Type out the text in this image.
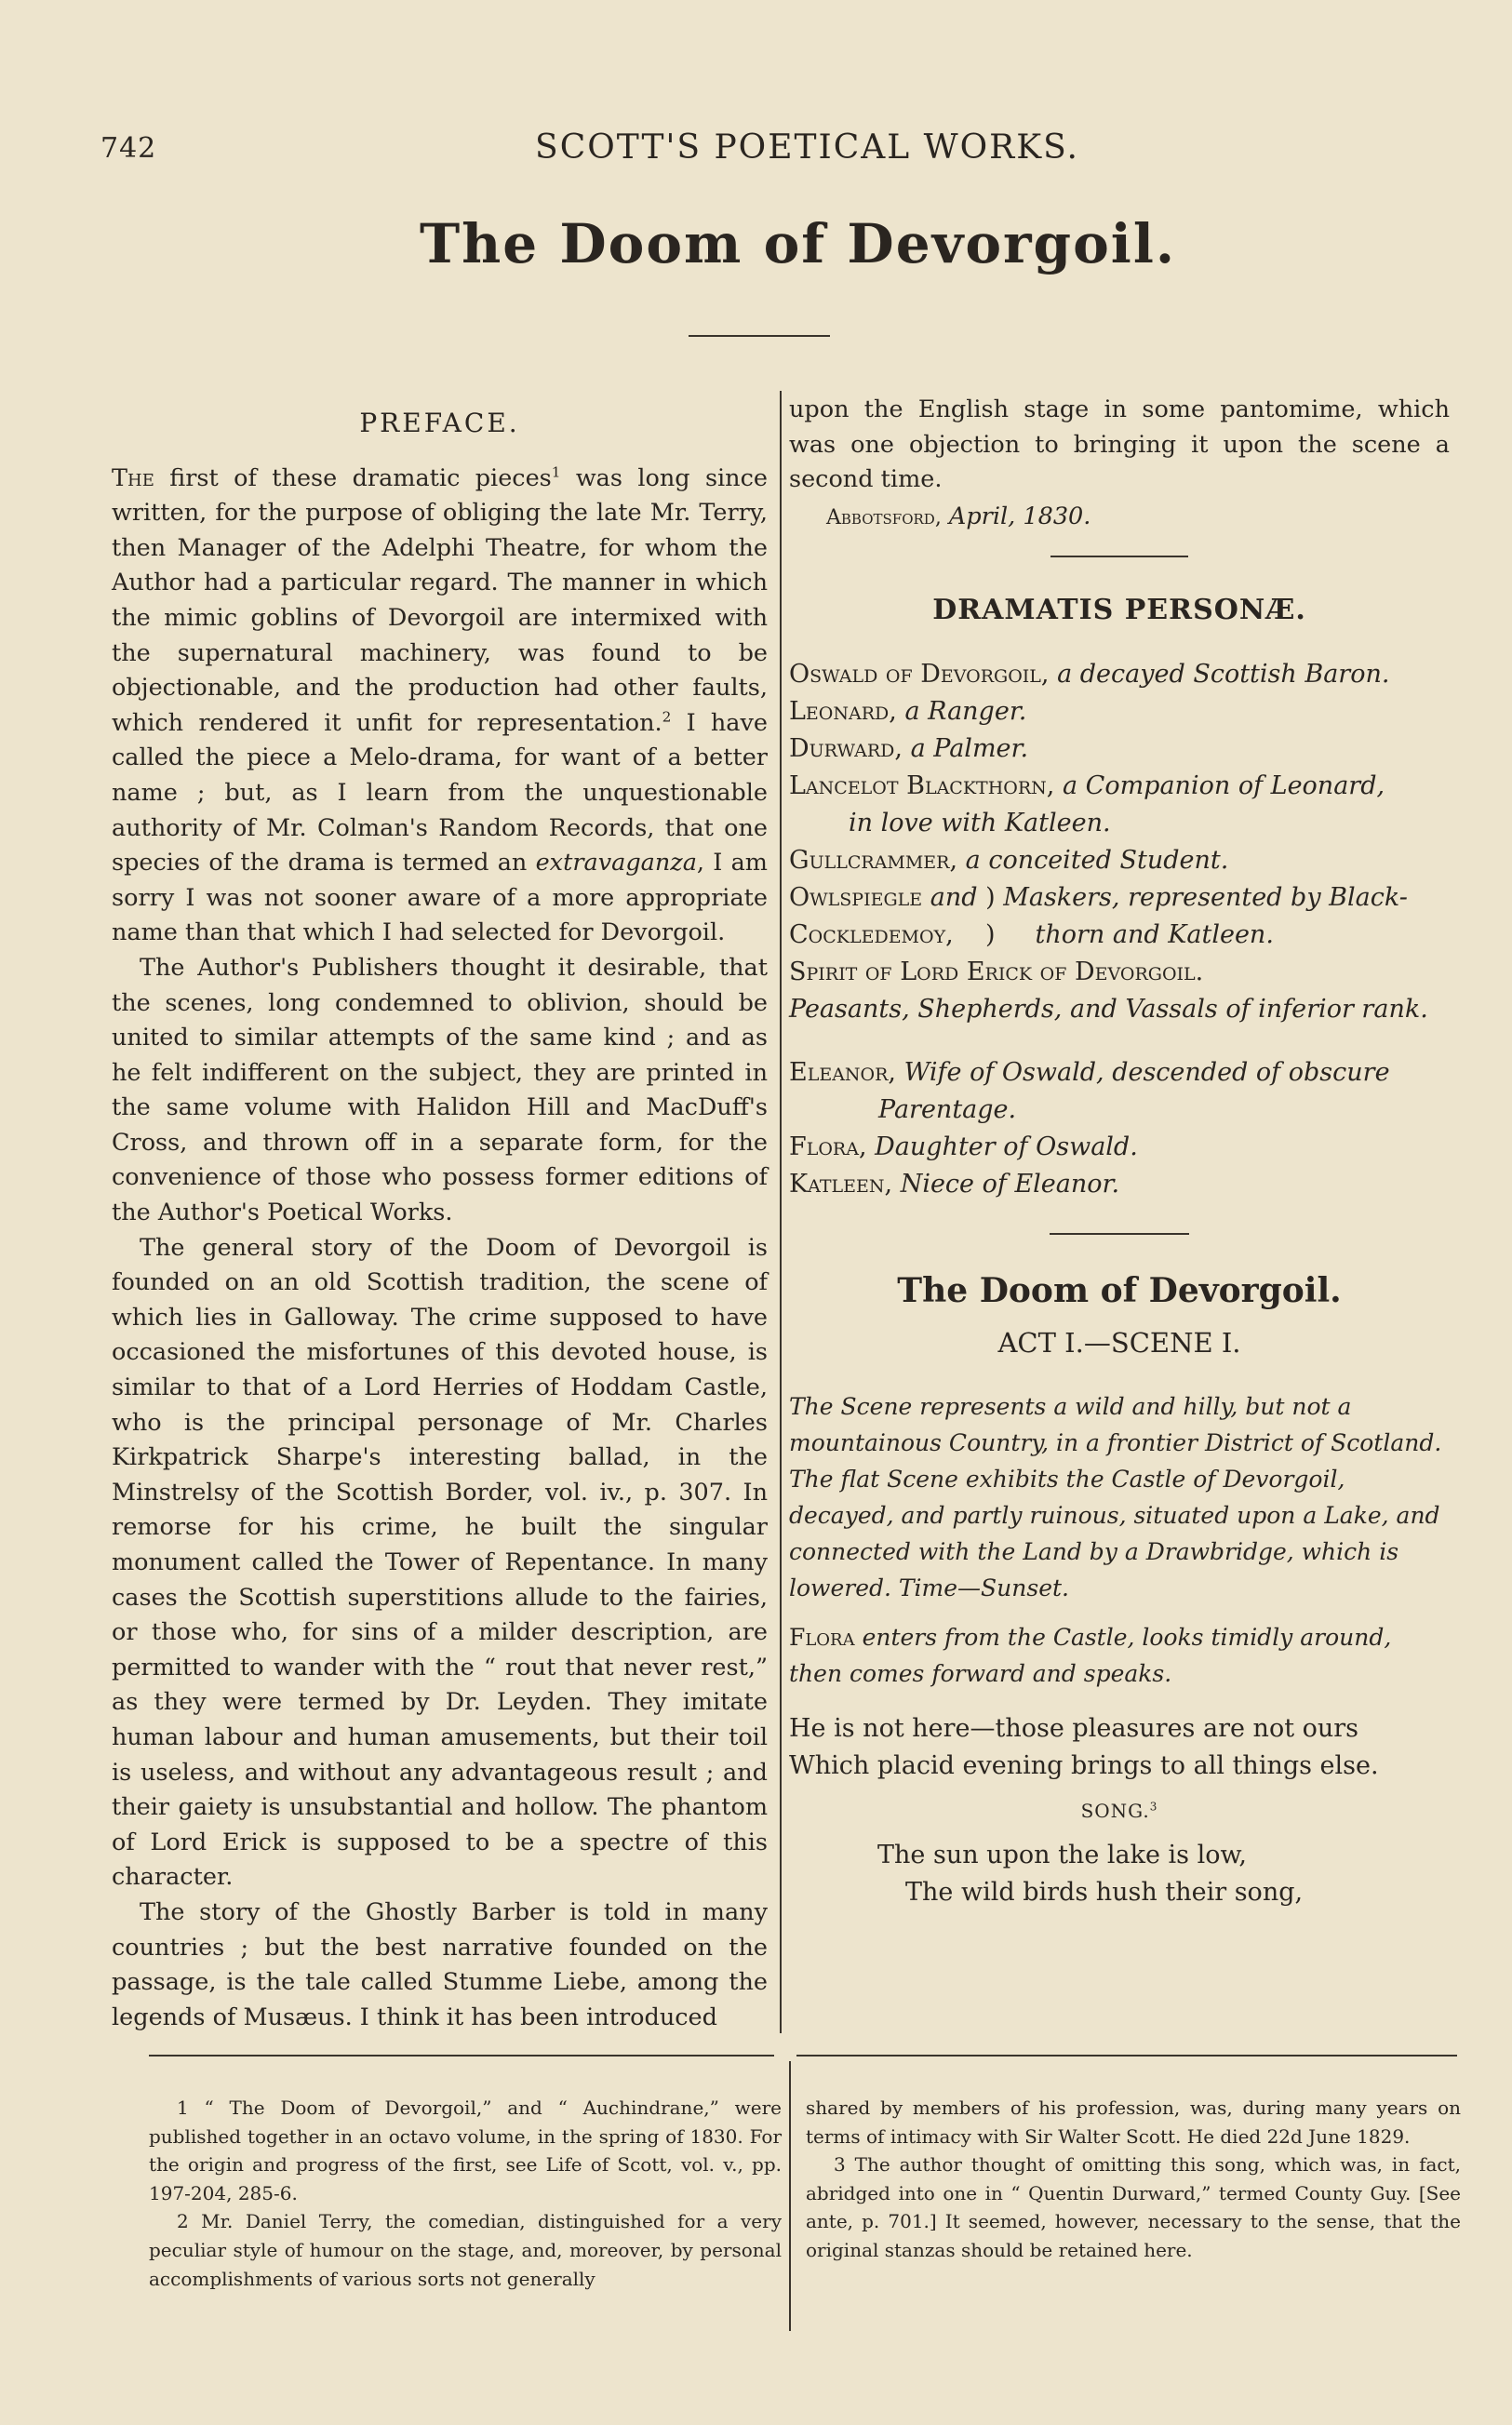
742	SCOTT'S POETICAL WORKS.
The Doom of Devorgoil.
PREFACE.

The first of these dramatic pieces$^1$ was long since written, for the purpose of obliging the late Mr. Terry, then Manager of the Adelphi Theatre, for whom the Author had a particular regard. The manner in which the mimic goblins of Devorgoil are intermixed with the supernatural machinery, was found to be objectionable, and the production had other faults, which rendered it unfit for representation.$^2$ I have called the piece a Melo-drama, for want of a better name ; but, as I learn from the unquestionable authority of Mr. Colman's Random Records, that one species of the drama is termed an extravaganza, I am sorry I was not sooner aware of a more appropriate name than that which I had selected for Devorgoil.

The Author's Publishers thought it desirable, that the scenes, long condemned to oblivion, should be united to similar attempts of the same kind ; and as he felt indifferent on the subject, they are printed in the same volume with Halidon Hill and MacDuff's Cross, and thrown off in a separate form, for the convenience of those who possess former editions of the Author's Poetical Works.

The general story of the Doom of Devorgoil is founded on an old Scottish tradition, the scene of which lies in Galloway. The crime supposed to have occasioned the misfortunes of this devoted house, is similar to that of a Lord Herries of Hoddam Castle, who is the principal personage of Mr. Charles Kirkpatrick Sharpe's interesting ballad, in the Minstrelsy of the Scottish Border, vol. iv., p. 307. In remorse for his crime, he built the singular monument called the Tower of Repentance. In many cases the Scottish superstitions allude to the fairies, or those who, for sins of a milder description, are permitted to wander with the “ rout that never rest,” as they were termed by Dr. Leyden. They imitate human labour and human amusements, but their toil is useless, and without any advantageous result ; and their gaiety is unsubstantial and hollow. The phantom of Lord Erick is supposed to be a spectre of this character.

The story of the Ghostly Barber is told in many countries ; but the best narrative founded on the passage, is the tale called Stumme Liebe, among the legends of Musæus. I think it has been introduced

upon the English stage in some pantomime, which was one objection to bringing it upon the scene a second time.

Abbotsford, April, 1830.

DRAMATIS PERSONÆ.

Oswald of Devorgoil, a decayed Scottish Baron.

Leonard, a Ranger.

Durward, a Palmer.

Lancelot Blackthorn, a Companion of Leonard,

in love with Katleen.

Gullcrammer, a conceited Student.

Owlspiegle and ) Maskers, represented by Black-

Cockledemoy,    )     thorn and Katleen.

Spirit of Lord Erick of Devorgoil.

Peasants, Shepherds, and Vassals of inferior rank.

Eleanor, Wife of Oswald, descended of obscure

Parentage.

Flora, Daughter of Oswald.

Katleen, Niece of Eleanor.

The Doom of Devorgoil.
ACT I.—SCENE I.

The Scene represents a wild and hilly, but not a mountainous Country, in a frontier District of Scotland. The flat Scene exhibits the Castle of Devorgoil, decayed, and partly ruinous, situated upon a Lake, and connected with the Land by a Drawbridge, which is lowered. Time—Sunset.

Flora enters from the Castle, looks timidly around, then comes forward and speaks.

He is not here—those pleasures are not ours

Which placid evening brings to all things else.

SONG.$^3$

The sun upon the lake is low,

The wild birds hush their song,

1 “ The Doom of Devorgoil,” and “ Auchindrane,” were published together in an octavo volume, in the spring of 1830. For the origin and progress of the first, see Life of Scott, vol. v., pp. 197-204, 285-6.

2 Mr. Daniel Terry, the comedian, distinguished for a very peculiar style of humour on the stage, and, moreover, by personal accomplishments of various sorts not generally

shared by members of his profession, was, during many years on terms of intimacy with Sir Walter Scott. He died 22d June 1829.

3 The author thought of omitting this song, which was, in fact, abridged into one in “ Quentin Durward,” termed County Guy. [See ante, p. 701.] It seemed, however, necessary to the sense, that the original stanzas should be retained here.
